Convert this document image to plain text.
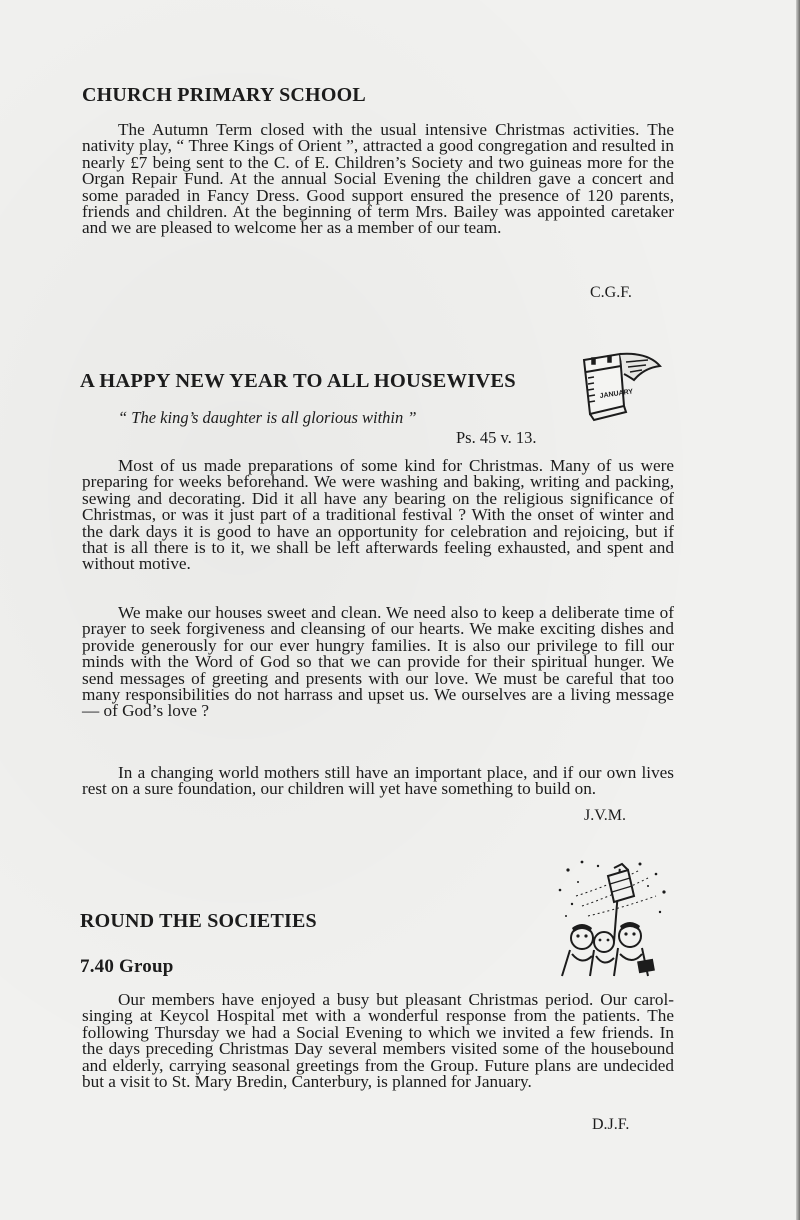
CHURCH PRIMARY SCHOOL

The Autumn Term closed with the usual intensive Christmas activities. The nativity play, “ Three Kings of Orient ”, attracted a good congregation and resulted in nearly £7 being sent to the C. of E. Children’s Society and two guineas more for the Organ Repair Fund. At the annual Social Evening the children gave a concert and some paraded in Fancy Dress. Good support ensured the presence of 120 parents, friends and children. At the beginning of term Mrs. Bailey was appointed caretaker and we are pleased to welcome her as a member of our team.

C.G.F.

A HAPPY NEW YEAR TO ALL HOUSEWIVES
JANUARY

“ The king’s daughter is all glorious within ”

Ps. 45 v. 13.

Most of us made preparations of some kind for Christmas. Many of us were preparing for weeks beforehand. We were washing and baking, writing and packing, sewing and decorating. Did it all have any bearing on the religious significance of Christmas, or was it just part of a traditional festival ? With the onset of winter and the dark days it is good to have an opportunity for celebration and rejoicing, but if that is all there is to it, we shall be left afterwards feeling exhausted, and spent and without motive.

We make our houses sweet and clean. We need also to keep a deliberate time of prayer to seek forgiveness and cleansing of our hearts. We make exciting dishes and provide generously for our ever hungry families. It is also our privilege to fill our minds with the Word of God so that we can provide for their spiritual hunger. We send messages of greeting and presents with our love. We must be careful that too many responsibilities do not harrass and upset us. We ourselves are a living message — of God’s love ?

In a changing world mothers still have an important place, and if our own lives rest on a sure foundation, our children will yet have something to build on.

J.V.M.

ROUND THE SOCIETIES
7.40 Group

Our members have enjoyed a busy but pleasant Christmas period. Our carol-singing at Keycol Hospital met with a wonderful response from the patients. The following Thursday we had a Social Evening to which we invited a few friends. In the days preceding Christmas Day several members visited some of the housebound and elderly, carrying seasonal greetings from the Group. Future plans are undecided but a visit to St. Mary Bredin, Canterbury, is planned for January.

D.J.F.
